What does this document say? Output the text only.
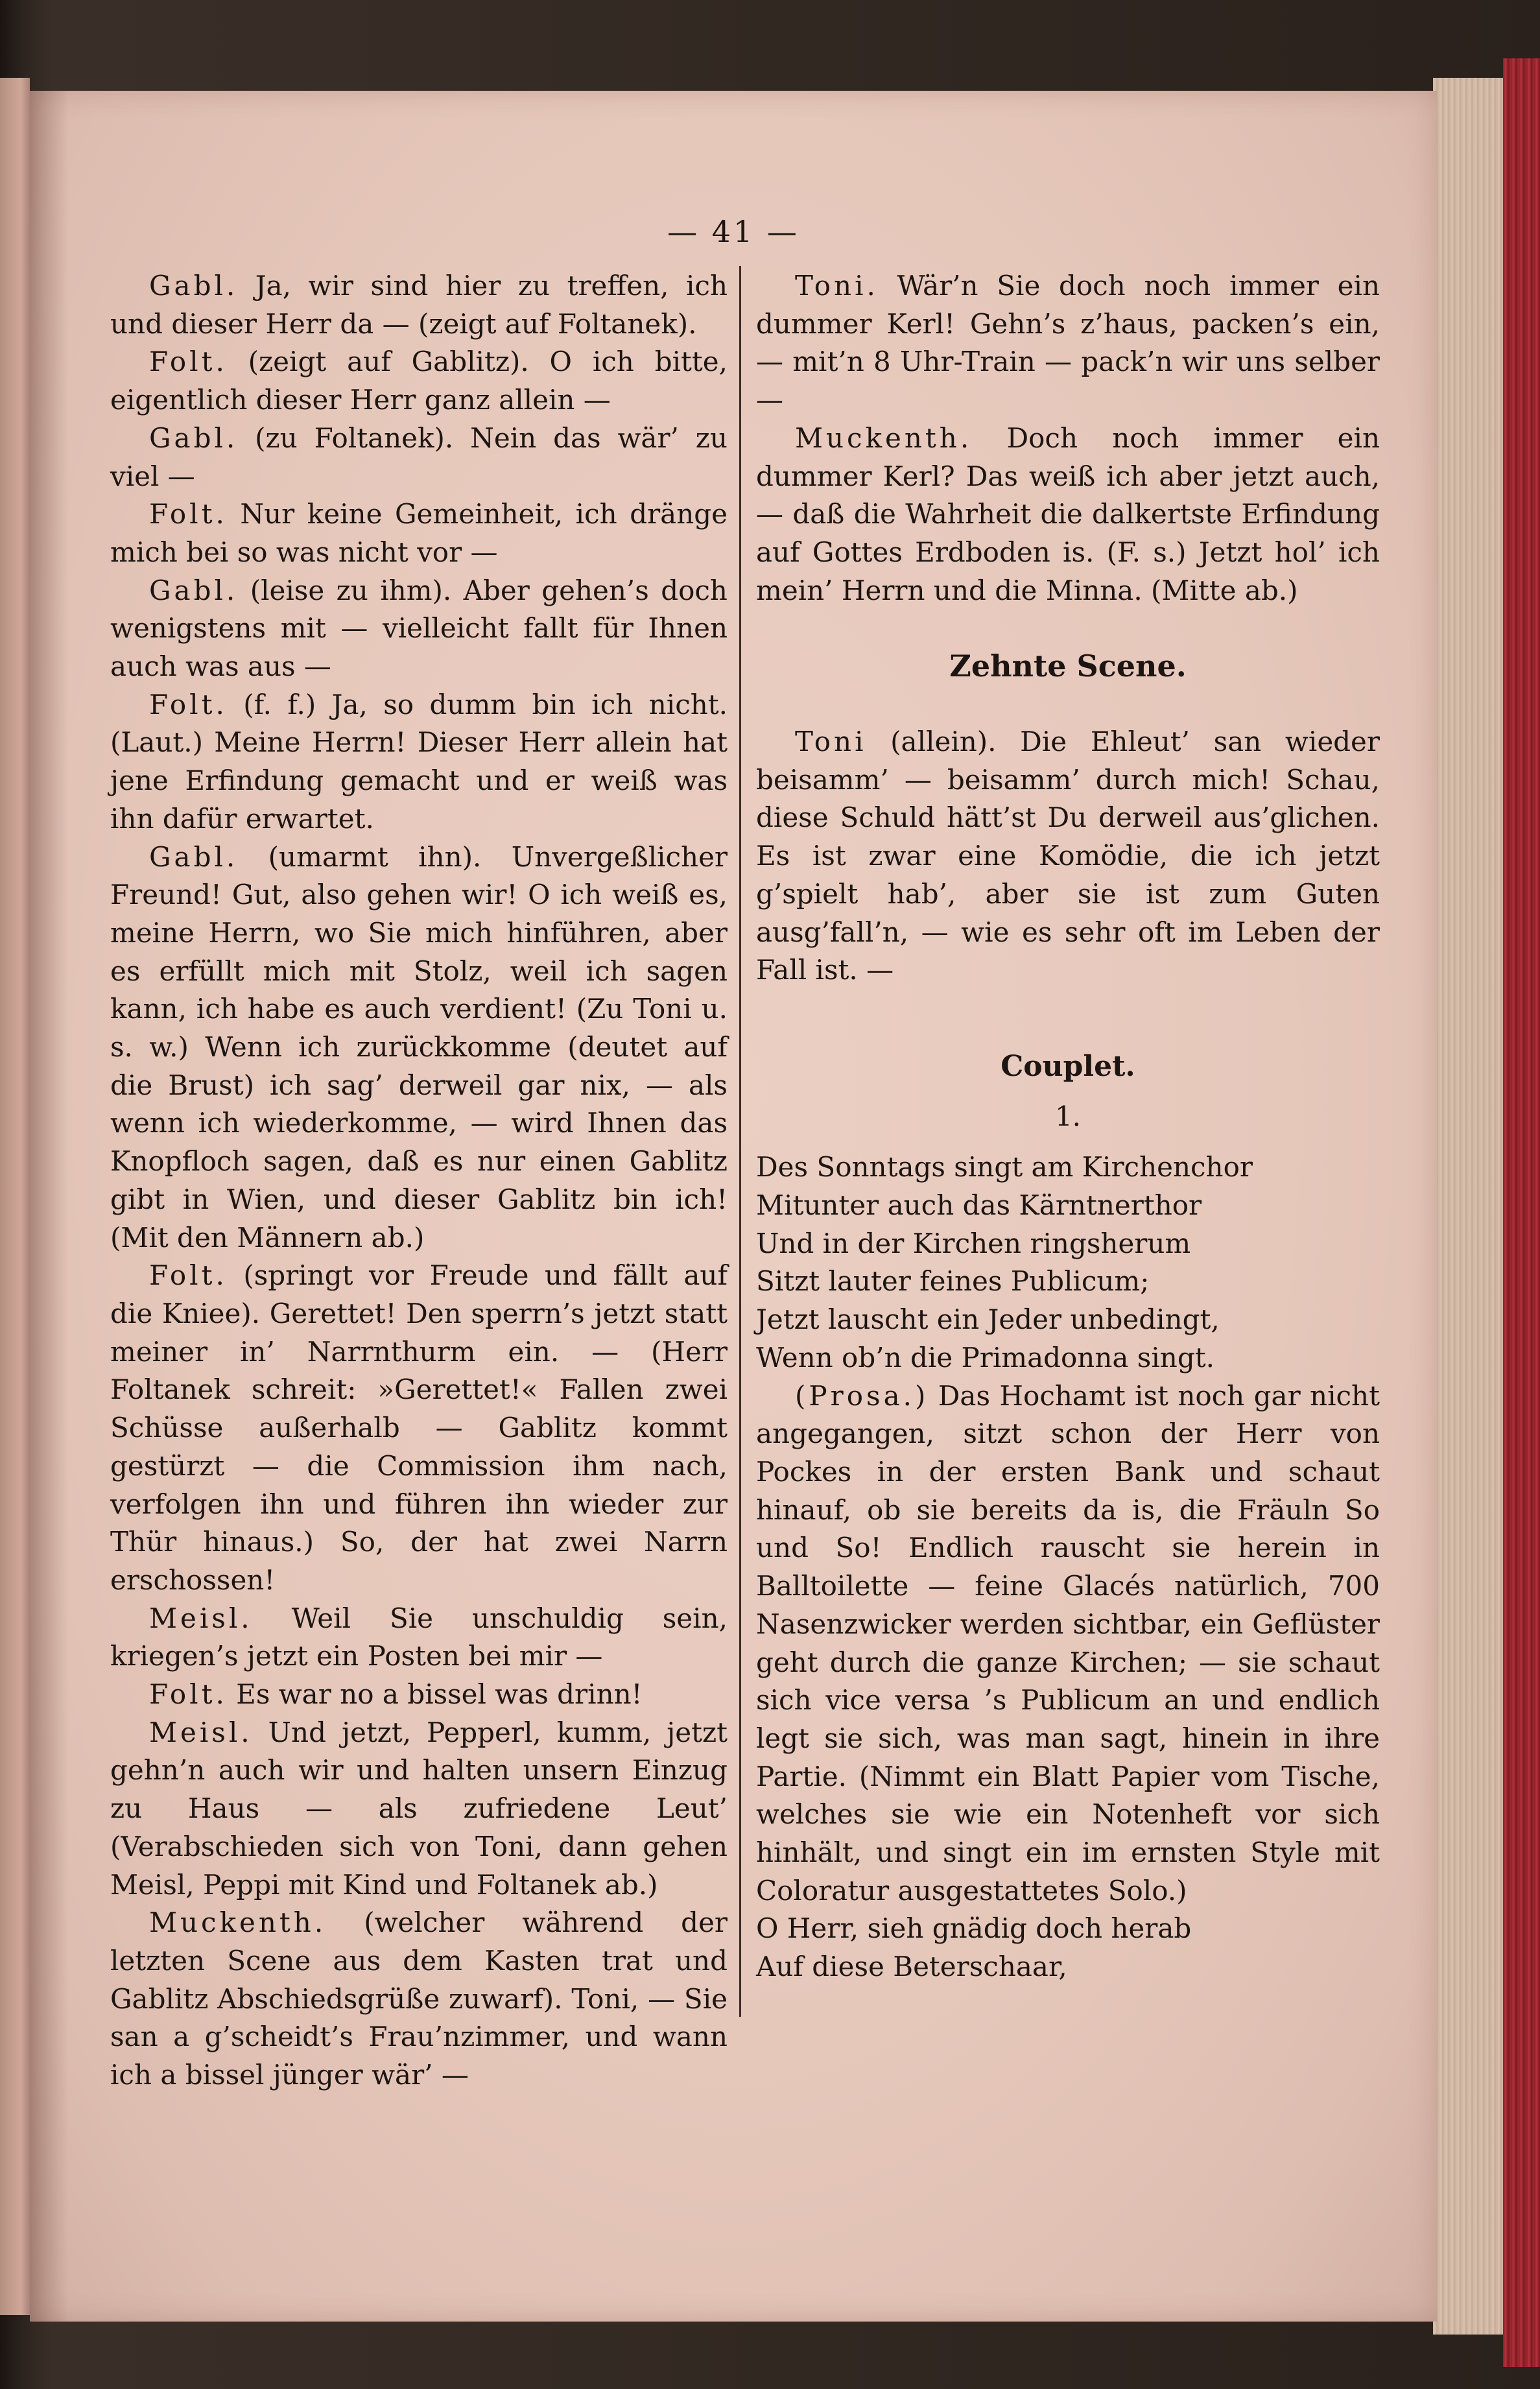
— 41 —

Gabl. Ja, wir sind hier zu treffen, ich und dieser Herr da — (zeigt auf Foltanek).

Folt. (zeigt auf Gablitz). O ich bitte, eigentlich dieser Herr ganz allein —

Gabl. (zu Foltanek). Nein das wär’ zu viel —

Folt. Nur keine Gemeinheit, ich dränge mich bei so was nicht vor —

Gabl. (leise zu ihm). Aber gehen’s doch wenigstens mit — vielleicht fallt für Ihnen auch was aus —

Folt. (f. f.) Ja, so dumm bin ich nicht. (Laut.) Meine Herrn! Dieser Herr allein hat jene Erfindung gemacht und er weiß was ihn dafür erwartet.

Gabl. (umarmt ihn). Unvergeßlicher Freund! Gut, also gehen wir! O ich weiß es, meine Herrn, wo Sie mich hinführen, aber es erfüllt mich mit Stolz, weil ich sagen kann, ich habe es auch verdient! (Zu Toni u. s. w.) Wenn ich zurückkomme (deutet auf die Brust) ich sag’ derweil gar nix, — als wenn ich wiederkomme, — wird Ihnen das Knopfloch sagen, daß es nur einen Gablitz gibt in Wien, und dieser Gablitz bin ich! (Mit den Männern ab.)

Folt. (springt vor Freude und fällt auf die Kniee). Gerettet! Den sperrn’s jetzt statt meiner in’ Narrnthurm ein. — (Herr Foltanek schreit: »Gerettet!« Fallen zwei Schüsse außerhalb — Gablitz kommt gestürzt — die Commission ihm nach, verfolgen ihn und führen ihn wieder zur Thür hinaus.) So, der hat zwei Narrn erschossen!

Meisl. Weil Sie unschuldig sein, kriegen’s jetzt ein Posten bei mir —

Folt. Es war no a bissel was drinn!

Meisl. Und jetzt, Pepperl, kumm, jetzt gehn’n auch wir und halten unsern Einzug zu Haus — als zufriedene Leut’ (Verabschieden sich von Toni, dann gehen Meisl, Peppi mit Kind und Foltanek ab.)

Muckenth. (welcher während der letzten Scene aus dem Kasten trat und Gablitz Abschiedsgrüße zuwarf). Toni, — Sie san a g’scheidt’s Frau’nzimmer, und wann ich a bissel jünger wär’ —

Toni. Wär’n Sie doch noch immer ein dummer Kerl! Gehn’s z’haus, packen’s ein, — mit’n 8 Uhr-Train — pack’n wir uns selber —

Muckenth. Doch noch immer ein dummer Kerl? Das weiß ich aber jetzt auch, — daß die Wahrheit die dalkertste Erfindung auf Gottes Erdboden is. (F. s.) Jetzt hol’ ich mein’ Herrn und die Minna. (Mitte ab.)

Zehnte Scene.

Toni (allein). Die Ehleut’ san wieder beisamm’ — beisamm’ durch mich! Schau, diese Schuld hätt’st Du derweil aus’glichen. Es ist zwar eine Komödie, die ich jetzt g’spielt hab’, aber sie ist zum Guten ausg’fall’n, — wie es sehr oft im Leben der Fall ist. —

Couplet.

1.

Des Sonntags singt am Kirchenchor

Mitunter auch das Kärntnerthor

Und in der Kirchen ringsherum

Sitzt lauter feines Publicum;

Jetzt lauscht ein Jeder unbedingt,

Wenn ob’n die Primadonna singt.

(Prosa.) Das Hochamt ist noch gar nicht angegangen, sitzt schon der Herr von Pockes in der ersten Bank und schaut hinauf, ob sie bereits da is, die Fräuln So und So! Endlich rauscht sie herein in Balltoilette — feine Glacés natürlich, 700 Nasenzwicker werden sichtbar, ein Geflüster geht durch die ganze Kirchen; — sie schaut sich vice versa ’s Publicum an und endlich legt sie sich, was man sagt, hinein in ihre Partie. (Nimmt ein Blatt Papier vom Tische, welches sie wie ein Notenheft vor sich hinhält, und singt ein im ernsten Style mit Coloratur ausgestattetes Solo.)

O Herr, sieh gnädig doch herab

Auf diese Beterschaar,
